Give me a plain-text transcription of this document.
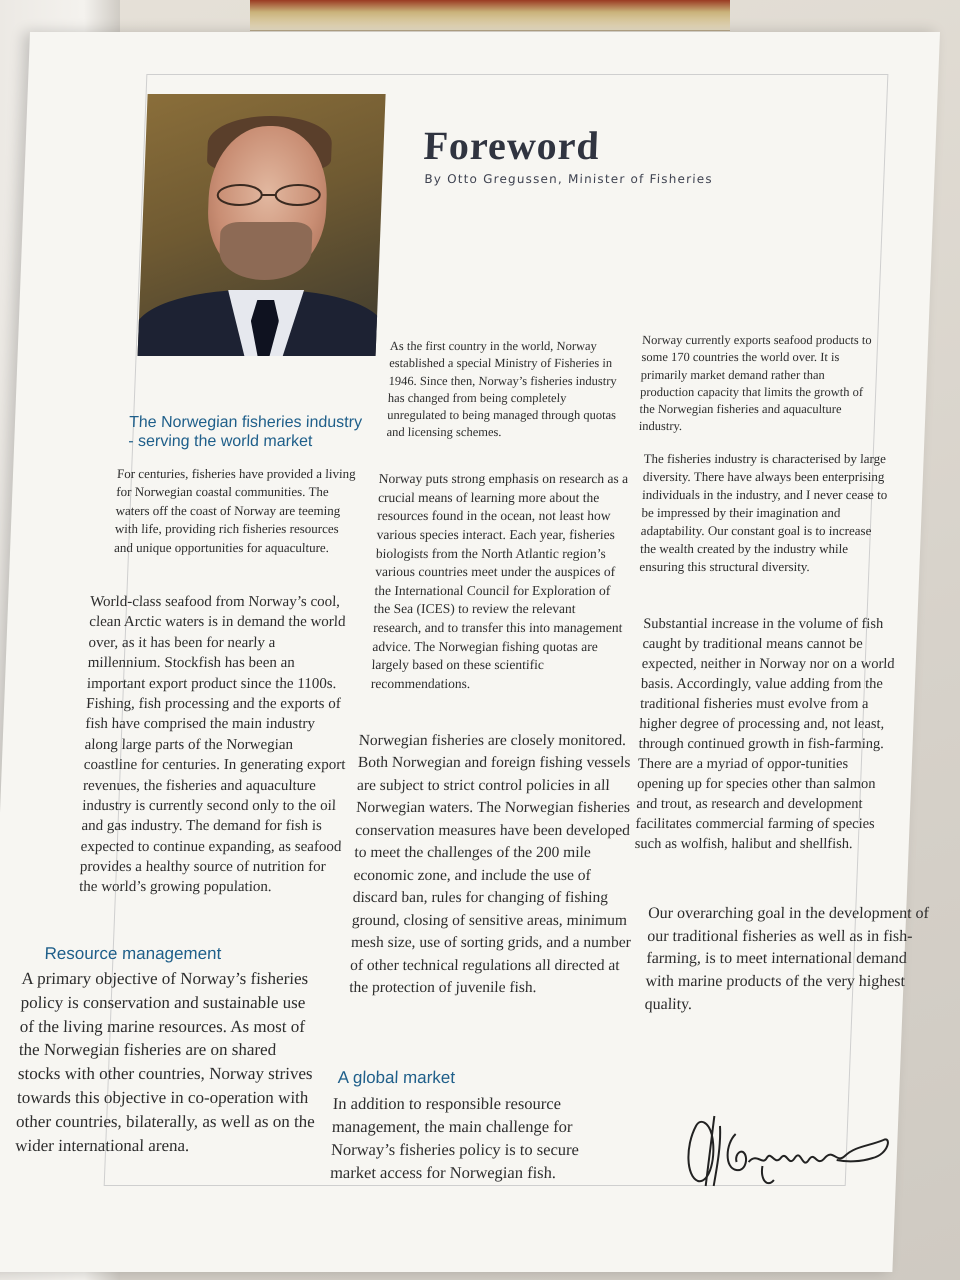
Foreword
By Otto Gregussen, Minister of Fisheries
The Norwegian fisheries industry - serving the world market

For centuries, fisheries have provided a living for Norwegian coastal communities. The waters off the coast of Norway are teeming with life, providing rich fisheries resources and unique opportunities for aquaculture.

World-class seafood from Norway’s cool, clean Arctic waters is in demand the world over, as it has been for nearly a millennium. Stockfish has been an important export product since the 1100s. Fishing, fish processing and the exports of fish have comprised the main industry along large parts of the Norwegian coastline for centuries. In generating export revenues, the fisheries and aquaculture industry is currently second only to the oil and gas industry. The demand for fish is expected to continue expanding, as seafood provides a healthy source of nutrition for the world’s growing population.

Resource management

A primary objective of Norway’s fisheries policy is conservation and sustainable use of the living marine resources. As most of the Norwegian fisheries are on shared stocks with other countries, Norway strives towards this objective in co-operation with other countries, bilaterally, as well as on the wider international arena.

As the first country in the world, Norway established a special Ministry of Fisheries in 1946. Since then, Norway’s fisheries industry has changed from being completely unregulated to being managed through quotas and licensing schemes.

Norway puts strong emphasis on research as a crucial means of learning more about the resources found in the ocean, not least how various species interact. Each year, fisheries biologists from the North Atlantic region’s various countries meet under the auspices of the International Council for Exploration of the Sea (ICES) to review the relevant research, and to transfer this into management advice. The Norwegian fishing quotas are largely based on these scientific recommendations.

Norwegian fisheries are closely monitored. Both Norwegian and foreign fishing vessels are subject to strict control policies in all Norwegian waters. The Norwegian fisheries conservation measures have been developed to meet the challenges of the 200 mile economic zone, and include the use of discard ban, rules for changing of fishing ground, closing of sensitive areas, minimum mesh size, use of sorting grids, and a number of other technical regulations all directed at the protection of juvenile fish.

A global market

In addition to responsible resource management, the main challenge for Norway’s fisheries policy is to secure market access for Norwegian fish.

Norway currently exports seafood products to some 170 countries the world over. It is primarily market demand rather than production capacity that limits the growth of the Norwegian fisheries and aquaculture industry.

The fisheries industry is characterised by large diversity. There have always been enterprising individuals in the industry, and I never cease to be impressed by their imagination and adaptability. Our constant goal is to increase the wealth created by the industry while ensuring this structural diversity.

Substantial increase in the volume of fish caught by traditional means cannot be expected, neither in Norway nor on a world basis. Accordingly, value adding from the traditional fisheries must evolve from a higher degree of processing and, not least, through continued growth in fish-farming. There are a myriad of oppor-tunities opening up for species other than salmon and trout, as research and development facilitates commercial farming of species such as wolfish, halibut and shellfish.

Our overarching goal in the development of our traditional fisheries as well as in fish-farming, is to meet international demand with marine products of the very highest quality.
